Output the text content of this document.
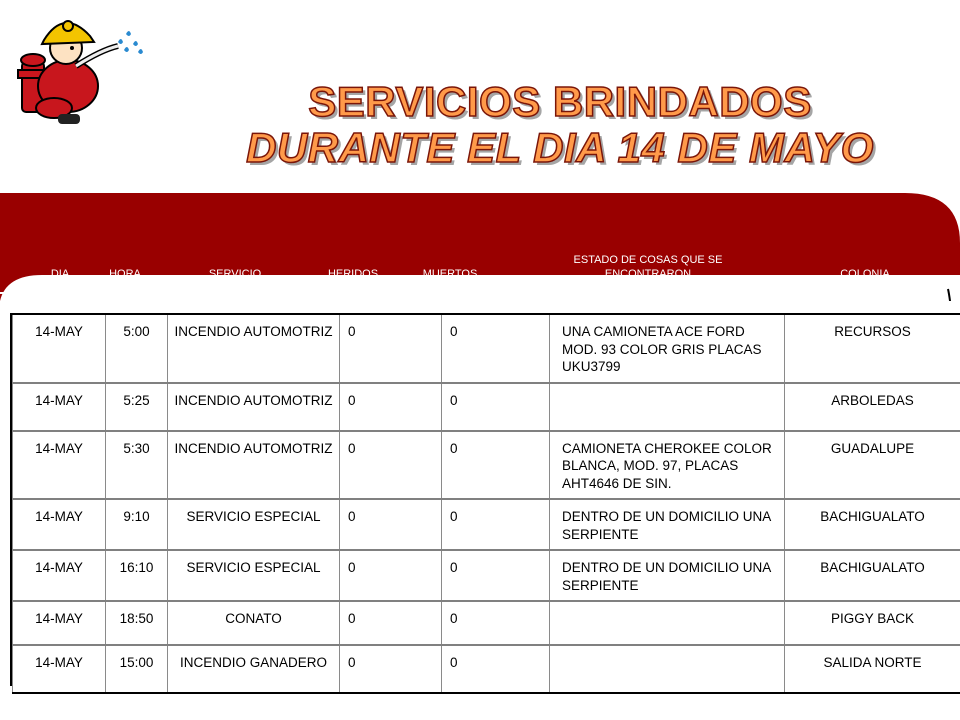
SERVICIOS BRINDADOS
DURANTE EL DIA 14 DE MAYO
DIA	HORA	SERVICIO	HERIDOS	MUERTOS
ESTADO DE COSAS QUE SE
ENCONTRARON	COLONIA
14-MAY	5:00	INCENDIO AUTOMOTRIZ	0	0	UNA CAMIONETA ACE FORD MOD. 93 COLOR GRIS PLACAS UKU3799	RECURSOS
14-MAY	5:25	INCENDIO AUTOMOTRIZ	0	0		ARBOLEDAS
14-MAY	5:30	INCENDIO AUTOMOTRIZ	0	0	CAMIONETA CHEROKEE COLOR BLANCA, MOD. 97, PLACAS AHT4646 DE SIN.	GUADALUPE
14-MAY	9:10	SERVICIO ESPECIAL	0	0	DENTRO DE UN DOMICILIO UNA SERPIENTE	BACHIGUALATO
14-MAY	16:10	SERVICIO ESPECIAL	0	0	DENTRO DE UN DOMICILIO UNA SERPIENTE	BACHIGUALATO
14-MAY	18:50	CONATO	0	0		PIGGY BACK
14-MAY	15:00	INCENDIO GANADERO	0	0		SALIDA NORTE
